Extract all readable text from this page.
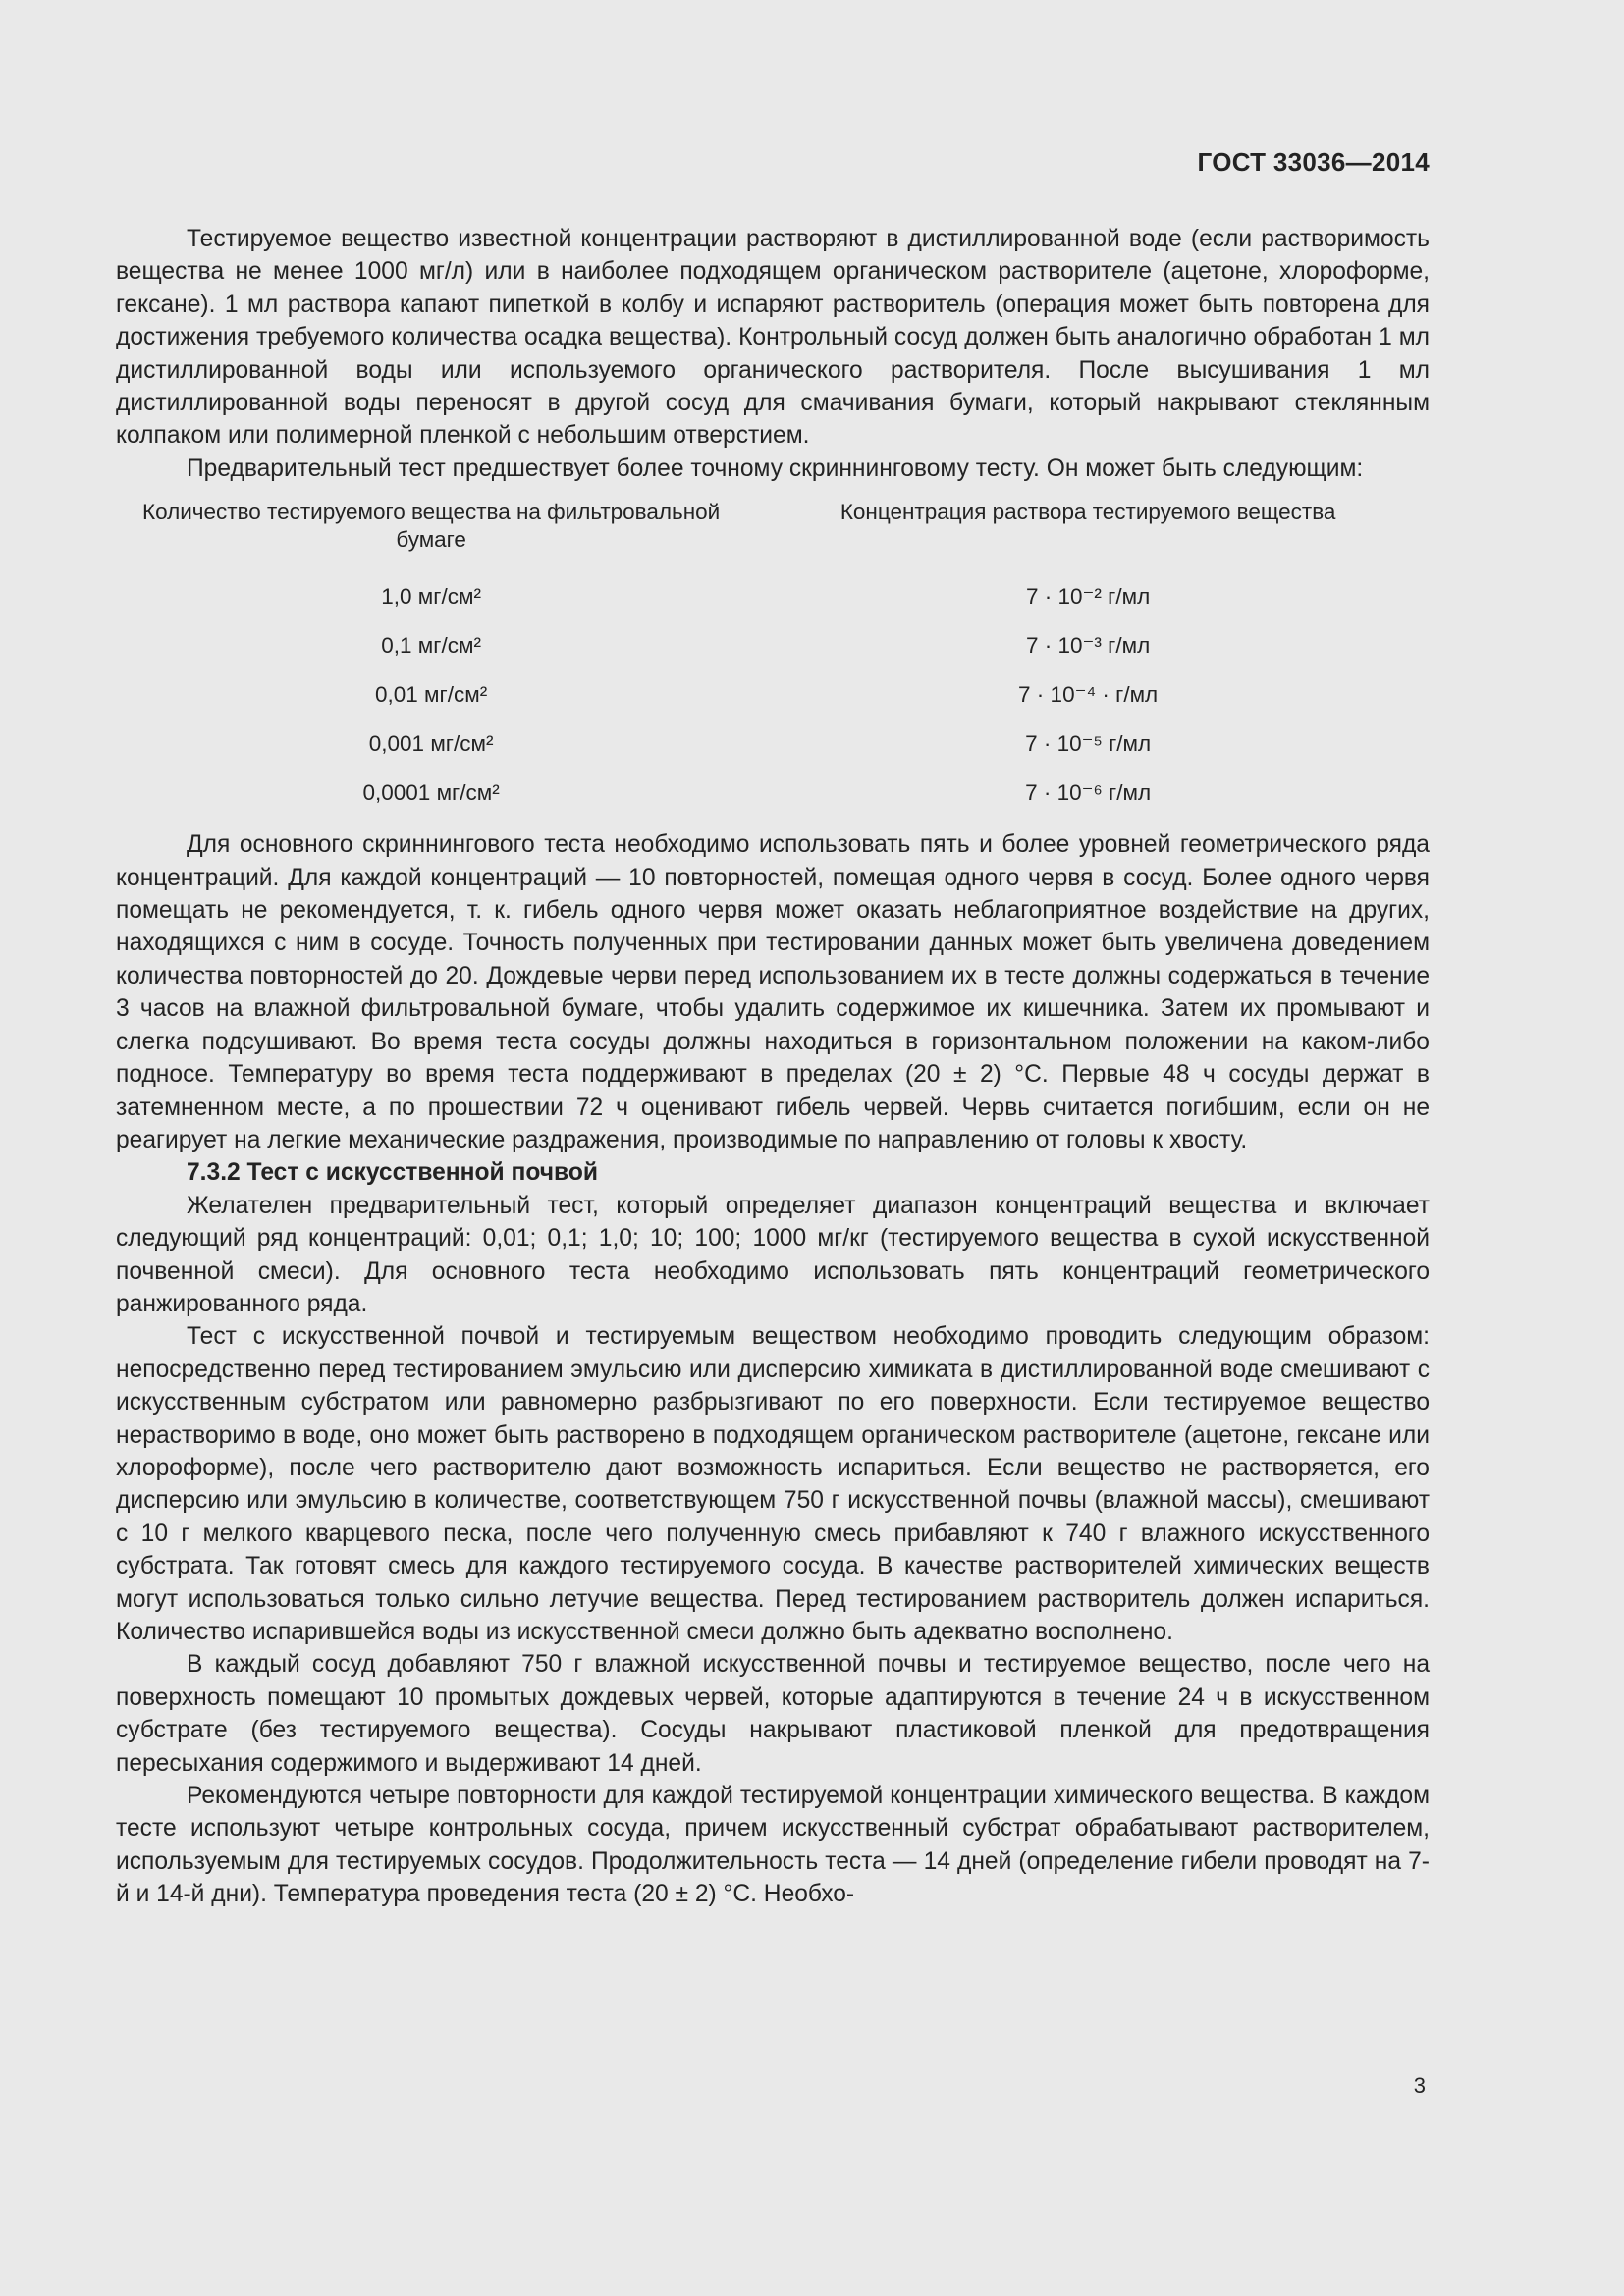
ГОСТ 33036—2014

Тестируемое вещество известной концентрации растворяют в дистиллированной воде (если растворимость вещества не менее 1000 мг/л) или в наиболее подходящем органическом растворителе (ацетоне, хлороформе, гексане). 1 мл раствора капают пипеткой в колбу и испаряют растворитель (операция может быть повторена для достижения требуемого количества осадка вещества). Контрольный сосуд должен быть аналогично обработан 1 мл дистиллированной воды или используемого органического растворителя. После высушивания 1 мл дистиллированной воды переносят в другой сосуд для смачивания бумаги, который накрывают стеклянным колпаком или полимерной пленкой с небольшим отверстием.

Предварительный тест предшествует более точному скриннинговому тесту. Он может быть следующим:

Количество тестируемого вещества на фильтровальной бумаге	Концентрация раствора тестируемого вещества
1,0 мг/см²	7 · 10⁻² г/мл
0,1 мг/см²	7 · 10⁻³ г/мл
0,01 мг/см²	7 · 10⁻⁴ · г/мл
0,001 мг/см²	7 · 10⁻⁵ г/мл
0,0001 мг/см²	7 · 10⁻⁶ г/мл

Для основного скриннингового теста необходимо использовать пять и более уровней геометрического ряда концентраций. Для каждой концентраций — 10 повторностей, помещая одного червя в сосуд. Более одного червя помещать не рекомендуется, т. к. гибель одного червя может оказать неблагоприятное воздействие на других, находящихся с ним в сосуде. Точность полученных при тестировании данных может быть увеличена доведением количества повторностей до 20. Дождевые черви перед использованием их в тесте должны содержаться в течение 3 часов на влажной фильтровальной бумаге, чтобы удалить содержимое их кишечника. Затем их промывают и слегка подсушивают. Во время теста сосуды должны находиться в горизонтальном положении на каком-либо подносе. Температуру во время теста поддерживают в пределах (20 ± 2) °С. Первые 48 ч сосуды держат в затемненном месте, а по прошествии 72 ч оценивают гибель червей. Червь считается погибшим, если он не реагирует на легкие механические раздражения, производимые по направлению от головы к хвосту.

7.3.2 Тест с искусственной почвой

Желателен предварительный тест, который определяет диапазон концентраций вещества и включает следующий ряд концентраций: 0,01; 0,1; 1,0; 10; 100; 1000 мг/кг (тестируемого вещества в сухой искусственной почвенной смеси). Для основного теста необходимо использовать пять концентраций геометрического ранжированного ряда.

Тест с искусственной почвой и тестируемым веществом необходимо проводить следующим образом: непосредственно перед тестированием эмульсию или дисперсию химиката в дистиллированной воде смешивают с искусственным субстратом или равномерно разбрызгивают по его поверхности. Если тестируемое вещество нерастворимо в воде, оно может быть растворено в подходящем органическом растворителе (ацетоне, гексане или хлороформе), после чего растворителю дают возможность испариться. Если вещество не растворяется, его дисперсию или эмульсию в количестве, соответствующем 750 г искусственной почвы (влажной массы), смешивают с 10 г мелкого кварцевого песка, после чего полученную смесь прибавляют к 740 г влажного искусственного субстрата. Так готовят смесь для каждого тестируемого сосуда. В качестве растворителей химических веществ могут использоваться только сильно летучие вещества. Перед тестированием растворитель должен испариться. Количество испарившейся воды из искусственной смеси должно быть адекватно восполнено.

В каждый сосуд добавляют 750 г влажной искусственной почвы и тестируемое вещество, после чего на поверхность помещают 10 промытых дождевых червей, которые адаптируются в течение 24 ч в искусственном субстрате (без тестируемого вещества). Сосуды накрывают пластиковой пленкой для предотвращения пересыхания содержимого и выдерживают 14 дней.

Рекомендуются четыре повторности для каждой тестируемой концентрации химического вещества. В каждом тесте используют четыре контрольных сосуда, причем искусственный субстрат обрабатывают растворителем, используемым для тестируемых сосудов. Продолжительность теста — 14 дней (определение гибели проводят на 7-й и 14-й дни). Температура проведения теста (20 ± 2) °С. Необхо-

3
